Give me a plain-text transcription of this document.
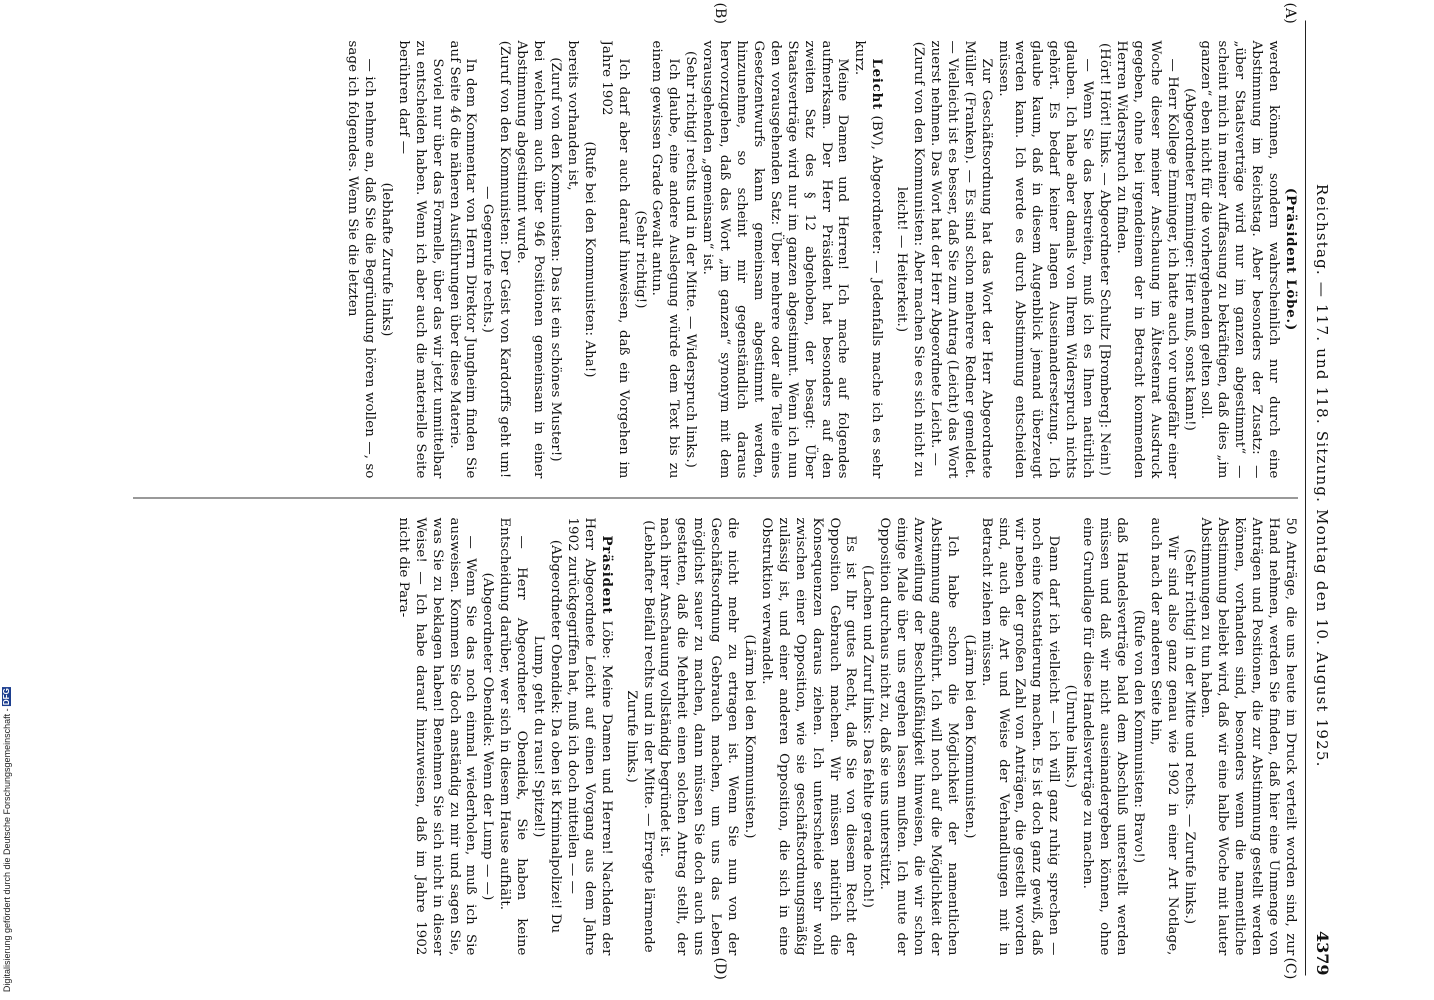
Digitalisierung gefördert durch die Deutsche Forschungsgemeinschaft - DFG	Reichstag. — 117. und 118. Sitzung. Montag den 10. August 1925.
4379
(A)
(B)
(C)
(D)

(Präsident Löbe.)

werden können, sondern wahrscheinlich nur durch eine Abstimmung im Reichstag. Aber besonders der Zusatz: — „über Staatsverträge wird nur im ganzen abgestimmt“ — scheint mich in meiner Auffassung zu bekräftigen, daß dies „im ganzen“ eben nicht für die vorhergehenden gelten soll.

(Abgeordneter Emminger: Hier muß, sonst kann!)

— Herr Kollege Emminger, ich hatte auch vor ungefähr einer Woche dieser meiner Anschauung im Ältestenrat Ausdruck gegeben, ohne bei irgendeinem der in Betracht kommenden Herren Widerspruch zu finden.

(Hört! Hört! links. — Abgeordneter Schultz [Bromberg]: Nein!)

— Wenn Sie das bestreiten, muß ich es Ihnen natürlich glauben. Ich habe aber damals von Ihrem Widerspruch nichts gehört. Es bedarf keiner langen Auseinandersetzung. Ich glaube kaum, daß in diesem Augenblick jemand überzeugt werden kann. Ich werde es durch Abstimmung entscheiden müssen.

Zur Geschäftsordnung hat das Wort der Herr Abgeordnete Müller (Franken). — Es sind schon mehrere Redner gemeldet. — Vielleicht ist es besser, daß Sie zum Antrag (Leicht) das Wort zuerst nehmen. Das Wort hat der Herr Abgeordnete Leicht. —

(Zuruf von den Kommunisten: Aber machen Sie es sich nicht zu leicht! — Heiterkeit.)

Leicht (BV), Abgeordneter: — Jedenfalls mache ich es sehr kurz.

Meine Damen und Herren! Ich mache auf folgendes aufmerksam. Der Herr Präsident hat besonders auf den zweiten Satz des § 12 abgehoben, der besagt: Über Staatsverträge wird nur im ganzen abgestimmt. Wenn ich nun den vorausgehenden Satz: Über mehrere oder alle Teile eines Gesetzentwurfs kann gemeinsam abgestimmt werden, hinzunehme, so scheint mir gegenständlich daraus hervorzugehen, daß das Wort „im ganzen“ synonym mit dem vorausgehenden „gemeinsam“ ist.

(Sehr richtig! rechts und in der Mitte. — Widerspruch links.)

Ich glaube, eine andere Auslegung würde dem Text bis zu einem gewissen Grade Gewalt antun.

(Sehr richtig!)

Ich darf aber auch darauf hinweisen, daß ein Vorgehen im Jahre 1902

(Rufe bei den Kommunisten: Aha!)

bereits vorhanden ist,

(Zuruf von den Kommunisten: Das ist ein schönes Muster!)

bei welchem auch über 946 Positionen gemeinsam in einer Abstimmung abgestimmt wurde.

(Zuruf von den Kommunisten: Der Geist von Kardorffs geht um! — Gegenrufe rechts.)

In dem Kommentar von Herrn Direktor Jungheim finden Sie auf Seite 46 die näheren Ausführungen über diese Materie.

Soviel nur über das Formelle, über das wir jetzt unmittelbar zu entscheiden haben. Wenn ich aber auch die materielle Seite berühren darf —

(lebhafte Zurufe links)

— ich nehme an, daß Sie die Begründung hören wollen —, so sage ich folgendes. Wenn Sie die letzten

50 Anträge, die uns heute im Druck verteilt worden sind, zur Hand nehmen, werden Sie finden, daß hier eine Unmenge von Anträgen und Positionen, die zur Abstimmung gestellt werden können, vorhanden sind, besonders wenn die namentliche Abstimmung beliebt wird, daß wir eine halbe Woche mit lauter Abstimmungen zu tun haben.

(Sehr richtig! in der Mitte und rechts. — Zurufe links.)

Wir sind also ganz genau wie 1902 in einer Art Notlage, auch nach der anderen Seite hin,

(Rufe von den Kommunisten: Bravo!)

daß Handelsverträge bald dem Abschluß unterstellt werden müssen und daß wir nicht auseinandergeben können, ohne eine Grundlage für diese Handelsverträge zu machen.

(Unruhe links.)

Dann darf ich vielleicht — ich will ganz ruhig sprechen — noch eine Konstatierung machen. Es ist doch ganz gewiß, daß wir neben der großen Zahl von Anträgen, die gestellt worden sind, auch die Art und Weise der Verhandlungen mit in Betracht ziehen müssen.

(Lärm bei den Kommunisten.)

Ich habe schon die Möglichkeit der namentlichen Abstimmung angeführt. Ich will noch auf die Möglichkeit der Anzweiflung der Beschlußfähigkeit hinweisen, die wir schon einige Male über uns ergehen lassen mußten. Ich mute der Opposition durchaus nicht zu, daß sie uns unterstützt.

(Lachen und Zuruf links: Das fehlte gerade noch!)

Es ist Ihr gutes Recht, daß Sie von diesem Recht der Opposition Gebrauch machen. Wir müssen natürlich die Konsequenzen daraus ziehen. Ich unterscheide sehr wohl zwischen einer Opposition, wie sie geschäftsordnungsmäßig zulässig ist, und einer anderen Opposition, die sich in eine Obstruktion verwandelt.

(Lärm bei den Kommunisten.)

die nicht mehr zu ertragen ist. Wenn Sie nun von der Geschäftsordnung Gebrauch machen, um uns das Leben möglichst sauer zu machen, dann müssen Sie doch auch uns gestatten, daß die Mehrheit einen solchen Antrag stellt, der nach ihrer Anschauung vollständig begründet ist.

(Lebhafter Beifall rechts und in der Mitte. — Erregte lärmende Zurufe links.)

Präsident Löbe: Meine Damen und Herren! Nachdem der Herr Abgeordnete Leicht auf einen Vorgang aus dem Jahre 1902 zurückgegriffen hat, muß ich doch mitteilen — —

(Abgeordneter Obendiek: Da oben ist Kriminalpolizei! Du Lump, geht du raus! Spitzel!)

— Herr Abgeordneter Obendiek, Sie haben keine Entscheidung darüber, wer sich in diesem Hause aufhält.

(Abgeordneter Obendiek: Wenn der Lump — —)

— Wenn Sie das noch einmal wiederholen, muß ich Sie ausweisen. Kommen Sie doch anständig zu mir und sagen Sie, was Sie zu beklagen haben! Benehmen Sie sich nicht in dieser Weise! — Ich habe darauf hinzuweisen, daß im Jahre 1902 nicht die Para-
